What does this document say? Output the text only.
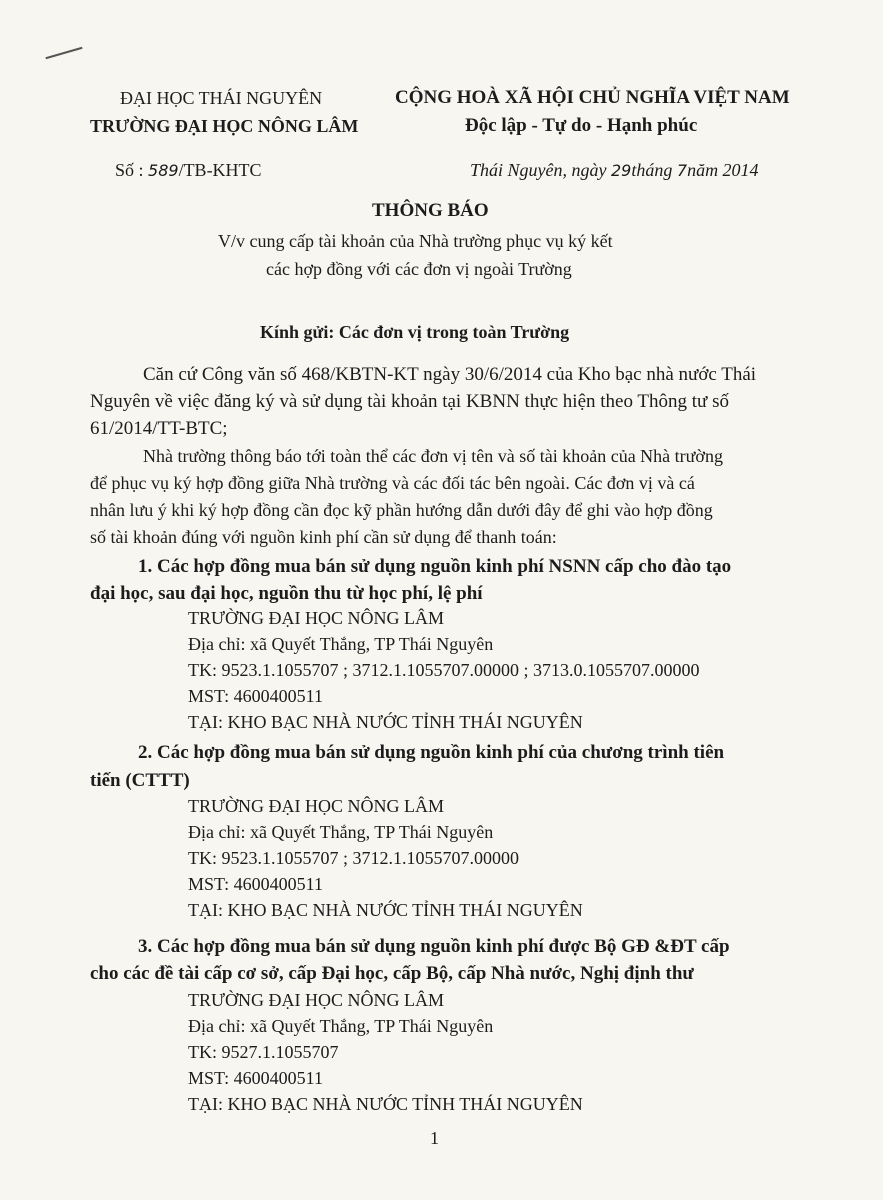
ĐẠI HỌC THÁI NGUYÊN
TRƯỜNG ĐẠI HỌC NÔNG LÂM
CỘNG HOÀ XÃ HỘI CHỦ NGHĨA VIỆT NAM
Độc lập - Tự do - Hạnh phúc
Số : 589/TB-KHTC	Thái Nguyên, ngày 29tháng 7năm 2014
THÔNG BÁO
V/v cung cấp tài khoản của Nhà trường phục vụ ký kết
các hợp đồng với các đơn vị ngoài Trường
Kính gửi: Các đơn vị trong toàn Trường
Căn cứ Công văn số 468/KBTN-KT ngày 30/6/2014 của Kho bạc nhà nước Thái
Nguyên về việc đăng ký và sử dụng tài khoản tại KBNN thực hiện theo Thông tư số
61/2014/TT-BTC;
Nhà trường thông báo tới toàn thể các đơn vị tên và số tài khoản của Nhà trường
để phục vụ ký hợp đồng giữa Nhà trường và các đối tác bên ngoài. Các đơn vị và cá
nhân lưu ý khi ký hợp đồng cần đọc kỹ phần hướng dẫn dưới đây để ghi vào hợp đồng
số tài khoản đúng với nguồn kinh phí cần sử dụng để thanh toán:
1. Các hợp đồng mua bán sử dụng nguồn kinh phí NSNN cấp cho đào tạo
đại học, sau đại học, nguồn thu từ học phí, lệ phí
TRƯỜNG ĐẠI HỌC NÔNG LÂM
Địa chỉ: xã Quyết Thắng, TP Thái Nguyên
TK: 9523.1.1055707 ; 3712.1.1055707.00000 ; 3713.0.1055707.00000
MST: 4600400511
TẠI: KHO BẠC NHÀ NƯỚC TỈNH THÁI NGUYÊN
2. Các hợp đồng mua bán sử dụng nguồn kinh phí của chương trình tiên
tiến (CTTT)
TRƯỜNG ĐẠI HỌC NÔNG LÂM
Địa chỉ: xã Quyết Thắng, TP Thái Nguyên
TK: 9523.1.1055707 ; 3712.1.1055707.00000
MST: 4600400511
TẠI: KHO BẠC NHÀ NƯỚC TỈNH THÁI NGUYÊN
3. Các hợp đồng mua bán sử dụng nguồn kinh phí được Bộ GĐ &ĐT cấp
cho các đề tài cấp cơ sở, cấp Đại học, cấp Bộ, cấp Nhà nước, Nghị định thư
TRƯỜNG ĐẠI HỌC NÔNG LÂM
Địa chỉ: xã Quyết Thắng, TP Thái Nguyên
TK: 9527.1.1055707
MST: 4600400511
TẠI: KHO BẠC NHÀ NƯỚC TỈNH THÁI NGUYÊN
1
